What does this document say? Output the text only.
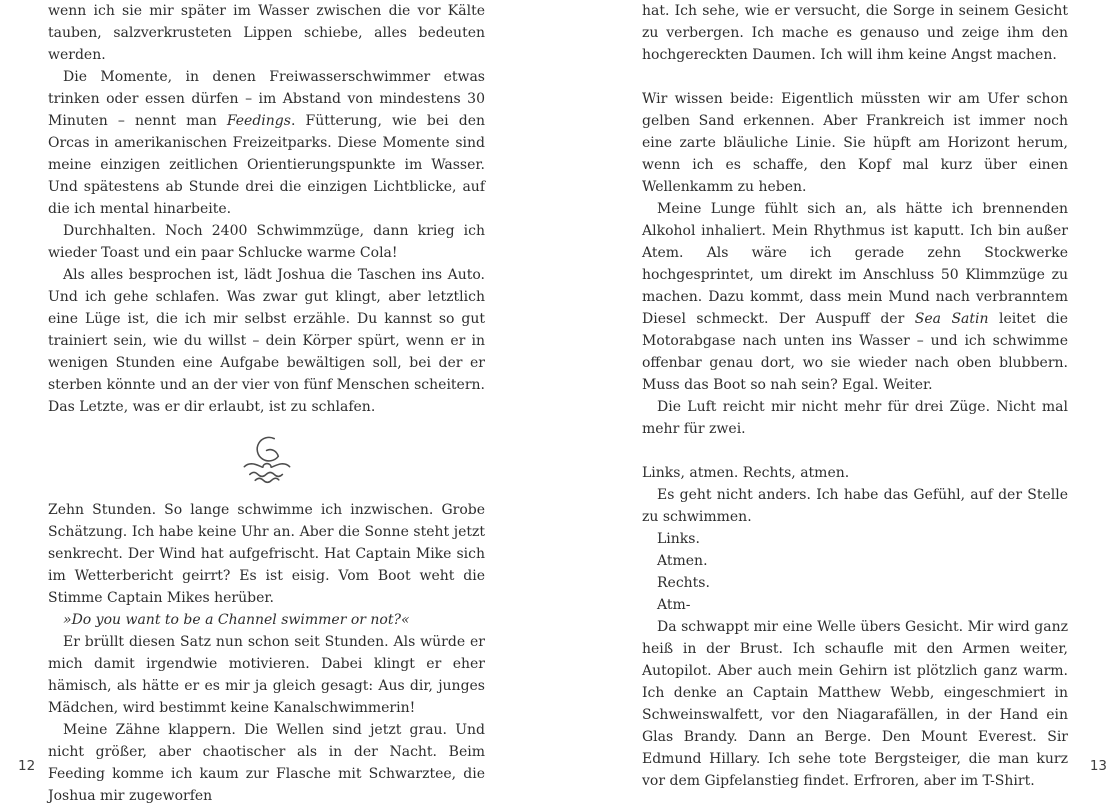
wenn ich sie mir später im Wasser zwischen die vor Kälte tauben, salzverkrusteten Lippen schiebe, alles bedeuten werden.

Die Momente, in denen Freiwasserschwimmer etwas trinken oder essen dürfen – im Abstand von mindestens 30 Minuten – nennt man Feedings. Fütterung, wie bei den Orcas in amerikanischen Freizeitparks. Diese Momente sind meine einzigen zeitlichen Orientierungspunkte im Wasser. Und spätestens ab Stunde drei die einzigen Lichtblicke, auf die ich mental hinarbeite.

Durchhalten. Noch 2400 Schwimmzüge, dann krieg ich wieder Toast und ein paar Schlucke warme Cola!

Als alles besprochen ist, lädt Joshua die Taschen ins Auto. Und ich gehe schlafen. Was zwar gut klingt, aber letztlich eine Lüge ist, die ich mir selbst erzähle. Du kannst so gut trainiert sein, wie du willst – dein Körper spürt, wenn er in wenigen Stunden eine Aufgabe bewältigen soll, bei der er sterben könnte und an der vier von fünf Menschen scheitern. Das Letzte, was er dir erlaubt, ist zu schlafen.

Zehn Stunden. So lange schwimme ich inzwischen. Grobe Schätzung. Ich habe keine Uhr an. Aber die Sonne steht jetzt senkrecht. Der Wind hat aufgefrischt. Hat Captain Mike sich im Wetterbericht geirrt? Es ist eisig. Vom Boot weht die Stimme Captain Mikes herüber.

»Do you want to be a Channel swimmer or not?«

Er brüllt diesen Satz nun schon seit Stunden. Als würde er mich damit irgendwie motivieren. Dabei klingt er eher hämisch, als hätte er es mir ja gleich gesagt: Aus dir, junges Mädchen, wird bestimmt keine Kanalschwimmerin!

Meine Zähne klappern. Die Wellen sind jetzt grau. Und nicht größer, aber chaotischer als in der Nacht. Beim Feeding komme ich kaum zur Flasche mit Schwarztee, die Joshua mir zugeworfen

hat. Ich sehe, wie er versucht, die Sorge in seinem Gesicht zu verbergen. Ich mache es genauso und zeige ihm den hochgereckten Daumen. Ich will ihm keine Angst machen.

Wir wissen beide: Eigentlich müssten wir am Ufer schon gelben Sand erkennen. Aber Frankreich ist immer noch eine zarte bläuliche Linie. Sie hüpft am Horizont herum, wenn ich es schaffe, den Kopf mal kurz über einen Wellenkamm zu heben.

Meine Lunge fühlt sich an, als hätte ich brennenden Alkohol inhaliert. Mein Rhythmus ist kaputt. Ich bin außer Atem. Als wäre ich gerade zehn Stockwerke hochgesprintet, um direkt im Anschluss 50 Klimmzüge zu machen. Dazu kommt, dass mein Mund nach verbranntem Diesel schmeckt. Der Auspuff der Sea Satin leitet die Motorabgase nach unten ins Wasser – und ich schwimme offenbar genau dort, wo sie wieder nach oben blubbern. Muss das Boot so nah sein? Egal. Weiter.

Die Luft reicht mir nicht mehr für drei Züge. Nicht mal mehr für zwei.

Links, atmen. Rechts, atmen.

Es geht nicht anders. Ich habe das Gefühl, auf der Stelle zu schwimmen.

Links.

Atmen.

Rechts.

Atm-

Da schwappt mir eine Welle übers Gesicht. Mir wird ganz heiß in der Brust. Ich schaufle mit den Armen weiter, Autopilot. Aber auch mein Gehirn ist plötzlich ganz warm. Ich denke an Captain Matthew Webb, eingeschmiert in Schweinswalfett, vor den Niagarafällen, in der Hand ein Glas Brandy. Dann an Berge. Den Mount Everest. Sir Edmund Hillary. Ich sehe tote Bergsteiger, die man kurz vor dem Gipfelanstieg findet. Erfroren, aber im T-Shirt.

12	13
